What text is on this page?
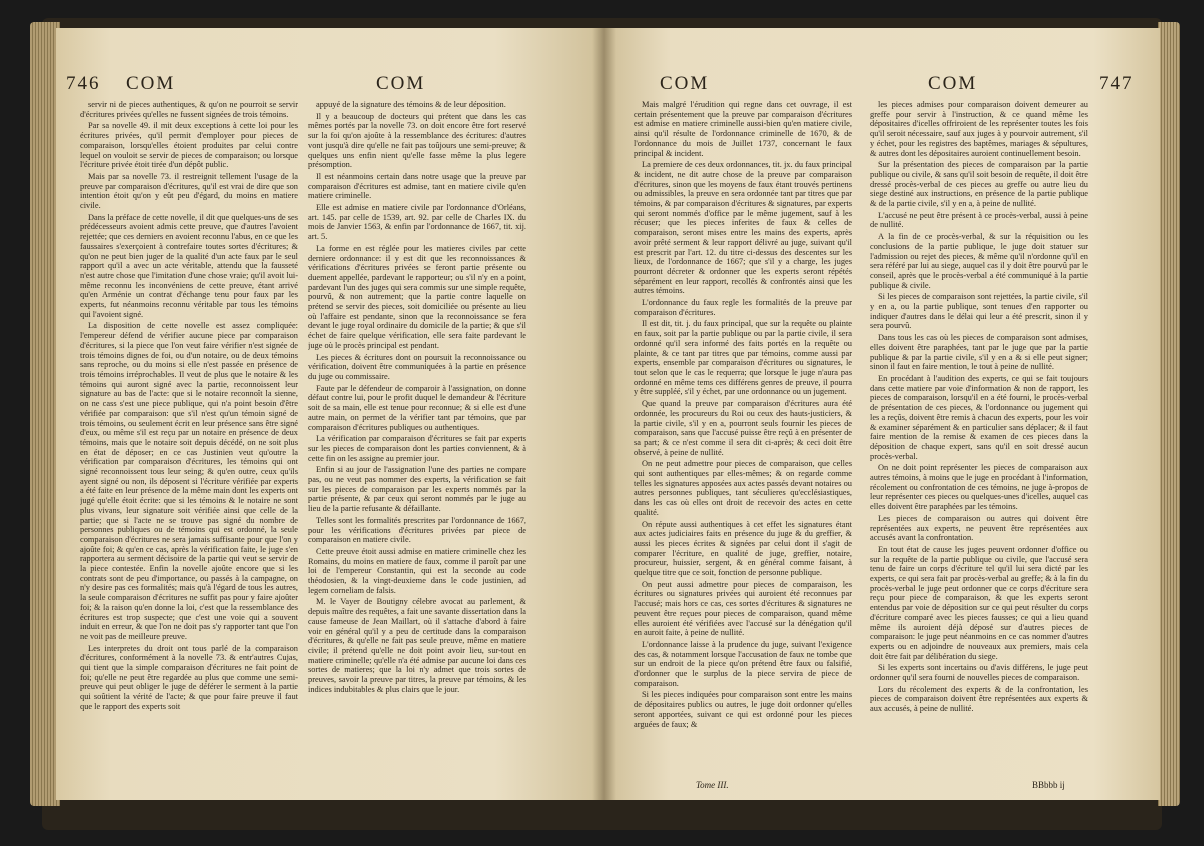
746 COM	COM

servir ni de pieces authentiques, & qu'on ne pourroit se servir d'écritures privées qu'elles ne fussent signées de trois témoins.

Par sa novelle 49. il mit deux exceptions à cette loi pour les écritures privées, qu'il permit d'employer pour pieces de comparaison, lorsqu'elles étoient produites par celui contre lequel on vouloit se servir de pieces de comparaison; ou lorsque l'écriture privée étoit tirée d'un dépôt public.

Mais par sa novelle 73. il restreignit tellement l'usage de la preuve par comparaison d'écritures, qu'il est vrai de dire que son intention étoit qu'on y eût peu d'égard, du moins en matiere civile.

Dans la préface de cette novelle, il dit que quelques-uns de ses prédécesseurs avoient admis cette preuve, que d'autres l'avoient rejettée; que ces derniers en avoient reconnu l'abus, en ce que les faussaires s'exerçoient à contrefaire toutes sortes d'écritures; & qu'on ne peut bien juger de la qualité d'un acte faux par le seul rapport qu'il a avec un acte véritable, attendu que la fausseté n'est autre chose que l'imitation d'une chose vraie; qu'il avoit lui-même reconnu les inconvéniens de cette preuve, étant arrivé qu'en Arménie un contrat d'échange tenu pour faux par les experts, fut néanmoins reconnu véritable par tous les témoins qui l'avoient signé.

La disposition de cette novelle est assez compliquée: l'empereur défend de vérifier aucune piece par comparaison d'écritures, si la piece que l'on veut faire vérifier n'est signée de trois témoins dignes de foi, ou d'un notaire, ou de deux témoins sans reproche, ou du moins si elle n'est passée en présence de trois témoins irréprochables. Il veut de plus que le notaire & les témoins qui auront signé avec la partie, reconnoissent leur signature au bas de l'acte: que si le notaire reconnoît la sienne, on ne cass s'est une piece publique, qui n'a point besoin d'être vérifiée par comparaison: que s'il n'est qu'un témoin signé de trois témoins, ou seulement écrit en leur présence sans être signé d'eux, ou même s'il est reçu par un notaire en présence de deux témoins, mais que le notaire soit depuis décédé, on ne soit plus en état de déposer; en ce cas Justinien veut qu'outre la vérification par comparaison d'écritures, les témoins qui ont signé reconnoissent tous leur seing; & qu'en outre, ceux qu'ils ayent signé ou non, ils déposent si l'écriture vérifiée par experts a été faite en leur présence de la même main dont les experts ont jugé qu'elle étoit écrite: que si les témoins & le notaire ne sont plus vivans, leur signature soit vérifiée ainsi que celle de la partie; que si l'acte ne se trouve pas signé du nombre de personnes publiques ou de témoins qui est ordonné, la seule comparaison d'écritures ne sera jamais suffisante pour que l'on y ajoûte foi; & qu'en ce cas, après la vérification faite, le juge s'en rapportera au serment décisoire de la partie qui veut se servir de la piece contestée. Enfin la novelle ajoûte encore que si les contrats sont de peu d'importance, ou passés à la campagne, on n'y desire pas ces formalités; mais qu'à l'égard de tous les autres, la seule comparaison d'écritures ne suffit pas pour y faire ajoûter foi; & la raison qu'en donne la loi, c'est que la ressemblance des écritures est trop suspecte; que c'est une voie qui a souvent induit en erreur, & que l'on ne doit pas s'y rapporter tant que l'on ne voit pas de meilleure preuve.

Les interpretes du droit ont tous parlé de la comparaison d'écritures, conformément à la novelle 73. & entr'autres Cujas, qui tient que la simple comparaison d'écritures ne fait point de foi; qu'elle ne peut être regardée au plus que comme une semi-preuve qui peut obliger le juge de déférer le serment à la partie qui soûtient la vérité de l'acte; & que pour faire preuve il faut que le rapport des experts soit

appuyé de la signature des témoins & de leur déposition.

Il y a beaucoup de docteurs qui prétent que dans les cas mêmes portés par la novelle 73. on doit encore être fort reservé sur la foi qu'on ajoûte à la ressemblance des écritures: d'autres vont jusqu'à dire qu'elle ne fait pas toûjours une semi-preuve; & quelques uns enfin nient qu'elle fasse même la plus legere présomption.

Il est néanmoins certain dans notre usage que la preuve par comparaison d'écritures est admise, tant en matiere civile qu'en matiere criminelle.

Elle est admise en matiere civile par l'ordonnance d'Orléans, art. 145. par celle de 1539, art. 92. par celle de Charles IX. du mois de Janvier 1563, & enfin par l'ordonnance de 1667, tit. xij. art. 5.

La forme en est réglée pour les matieres civiles par cette derniere ordonnance: il y est dit que les reconnoissances & vérifications d'écritures privées se feront partie présente ou duement appellée, pardevant le rapporteur; ou s'il n'y en a point, pardevant l'un des juges qui sera commis sur une simple requête, pourvû, & non autrement; que la partie contre laquelle on prétend se servir des pieces, soit domiciliée ou présente au lieu où l'affaire est pendante, sinon que la reconnoissance se fera devant le juge royal ordinaire du domicile de la partie; & que s'il échet de faire quelque vérification, elle sera faite pardevant le juge où le procès principal est pendant.

Les pieces & écritures dont on poursuit la reconnoissance ou vérification, doivent être communiquées à la partie en présence du juge ou commissaire.

Faute par le défendeur de comparoir à l'assignation, on donne défaut contre lui, pour le profit duquel le demandeur & l'écriture soit de sa main, elle est tenue pour reconnue; & si elle est d'une autre main, on permet de la vérifier tant par témoins, que par comparaison d'écritures publiques ou authentiques.

La vérification par comparaison d'écritures se fait par experts sur les pieces de comparaison dont les parties conviennent, & à cette fin on les assigne au premier jour.

Enfin si au jour de l'assignation l'une des parties ne compare pas, ou ne veut pas nommer des experts, la vérification se fait sur les pieces de comparaison par les experts nommés par la partie présente, & par ceux qui seront nommés par le juge au lieu de la partie refusante & défaillante.

Telles sont les formalités prescrites par l'ordonnance de 1667, pour les vérifications d'écritures privées par piece de comparaison en matiere civile.

Cette preuve étoit aussi admise en matiere criminelle chez les Romains, du moins en matiere de faux, comme il paroît par une loi de l'empereur Constantin, qui est la seconde au code théodosien, & la vingt-deuxieme dans le code justinien, ad legem corneliam de falsis.

M. le Vayer de Boutigny célebre avocat au parlement, & depuis maître des requêtes, a fait une savante dissertation dans la cause fameuse de Jean Maillart, où il s'attache d'abord à faire voir en général qu'il y a peu de certitude dans la comparaison d'écritures, & qu'elle ne fait pas seule preuve, même en matiere civile; il prétend qu'elle ne doit point avoir lieu, sur-tout en matiere criminelle; qu'elle n'a été admise par aucune loi dans ces sortes de matieres; que la loi n'y admet que trois sortes de preuves, savoir la preuve par titres, la preuve par témoins, & les indices indubitables & plus clairs que le jour.

COM	COM	747

Mais malgré l'érudition qui regne dans cet ouvrage, il est certain présentement que la preuve par comparaison d'écritures est admise en matiere criminelle aussi-bien qu'en matiere civile, ainsi qu'il résulte de l'ordonnance criminelle de 1670, & de l'ordonnance du mois de Juillet 1737, concernant le faux principal & incident.

La premiere de ces deux ordonnances, tit. jx. du faux principal & incident, ne dit autre chose de la preuve par comparaison d'écritures, sinon que les moyens de faux étant trouvés pertinens ou admissibles, la preuve en sera ordonnée tant par titres que par témoins, & par comparaison d'écritures & signatures, par experts qui seront nommés d'office par le même jugement, sauf à les récuser; que les pieces inferites de faux & celles de comparaison, seront mises entre les mains des experts, après avoir prêté serment & leur rapport délivré au juge, suivant qu'il est prescrit par l'art. 12. du titre ci-dessus des descentes sur les lieux, de l'ordonnance de 1667; que s'il y a charge, les juges pourront décreter & ordonner que les experts seront répétés séparément en leur rapport, recollés & confrontés ainsi que les autres témoins.

L'ordonnance du faux regle les formalités de la preuve par comparaison d'écritures.

Il est dit, tit. j. du faux principal, que sur la requête ou plainte en faux, soit par la partie publique ou par la partie civile, il sera ordonné qu'il sera informé des faits portés en la requête ou plainte, & ce tant par titres que par témoins, comme aussi par experts, ensemble par comparaison d'écritures ou signatures, le tout selon que le cas le requerra; que lorsque le juge n'aura pas ordonné en même tems ces différens genres de preuve, il pourra y être suppléé, s'il y échet, par une ordonnance ou un jugement.

Que quand la preuve par comparaison d'écritures aura été ordonnée, les procureurs du Roi ou ceux des hauts-justiciers, & la partie civile, s'il y en a, pourront seuls fournir les pieces de comparaison, sans que l'accusé puisse être reçû à en présenter de sa part; & ce n'est comme il sera dit ci-après; & ceci doit être observé, à peine de nullité.

On ne peut admettre pour pieces de comparaison, que celles qui sont authentiques par elles-mêmes; & on regarde comme telles les signatures apposées aux actes passés devant notaires ou autres personnes publiques, tant séculieres qu'ecclésiastiques, dans les cas où elles ont droit de recevoir des actes en cette qualité.

On répute aussi authentiques à cet effet les signatures étant aux actes judiciaires faits en présence du juge & du greffier, & aussi les pieces écrites & signées par celui dont il s'agit de comparer l'écriture, en qualité de juge, greffier, notaire, procureur, huissier, sergent, & en général comme faisant, à quelque titre que ce soit, fonction de personne publique.

On peut aussi admettre pour pieces de comparaison, les écritures ou signatures privées qui auroient été reconnues par l'accusé; mais hors ce cas, ces sortes d'écritures & signatures ne peuvent être reçues pour pieces de comparaison, quand même elles auroient été vérifiées avec l'accusé sur la dénégation qu'il en auroit faite, à peine de nullité.

L'ordonnance laisse à la prudence du juge, suivant l'exigence des cas, & notamment lorsque l'accusation de faux ne tombe que sur un endroit de la piece qu'on prétend être faux ou falsifié, d'ordonner que le surplus de la piece servira de piece de comparaison.

Si les pieces indiquées pour comparaison sont entre les mains de dépositaires publics ou autres, le juge doit ordonner qu'elles seront apportées, suivant ce qui est ordonné pour les pieces arguées de faux; &

les pieces admises pour comparaison doivent demeurer au greffe pour servir à l'instruction, & ce quand même les dépositaires d'icelles offriroient de les représenter toutes les fois qu'il seroit nécessaire, sauf aux juges à y pourvoir autrement, s'il y échet, pour les registres des baptêmes, mariages & sépultures, & autres dont les dépositaires auroient continuellement besoin.

Sur la présentation des pieces de comparaison par la partie publique ou civile, & sans qu'il soit besoin de requête, il doit être dressé procès-verbal de ces pieces au greffe ou autre lieu du siege destiné aux instructions, en présence de la partie publique & de la partie civile, s'il y en a, à peine de nullité.

L'accusé ne peut être présent à ce procès-verbal, aussi à peine de nullité.

A la fin de ce procès-verbal, & sur la réquisition ou les conclusions de la partie publique, le juge doit statuer sur l'admission ou rejet des pieces, & même qu'il n'ordonne qu'il en sera référé par lui au siege, auquel cas il y doit être pourvû par le conseil, après que le procès-verbal a été communiqué à la partie publique & civile.

Si les pieces de comparaison sont rejettées, la partie civile, s'il y en a, ou la partie publique, sont tenues d'en rapporter ou indiquer d'autres dans le délai qui leur a été prescrit, sinon il y sera pourvû.

Dans tous les cas où les pieces de comparaison sont admises, elles doivent être paraphées, tant par le juge que par la partie publique & par la partie civile, s'il y en a & si elle peut signer; sinon il faut en faire mention, le tout à peine de nullité.

En procédant à l'audition des experts, ce qui se fait toujours dans cette matiere par voie d'information & non de rapport, les pieces de comparaison, lorsqu'il en a été fourni, le procès-verbal de présentation de ces pieces, & l'ordonnance ou jugement qui les a reçûs, doivent être remis à chacun des experts, pour les voir & examiner séparément & en particulier sans déplacer; & il faut faire mention de la remise & examen de ces pieces dans la déposition de chaque expert, sans qu'il en soit dressé aucun procès-verbal.

On ne doit point représenter les pieces de comparaison aux autres témoins, à moins que le juge en procédant à l'information, récolement ou confrontation de ces témoins, ne juge à-propos de leur représenter ces pieces ou quelques-unes d'icelles, auquel cas elles doivent être paraphées par les témoins.

Les pieces de comparaison ou autres qui doivent être représentées aux experts, ne peuvent être représentées aux accusés avant la confrontation.

En tout état de cause les juges peuvent ordonner d'office ou sur la requête de la partie publique ou civile, que l'accusé sera tenu de faire un corps d'écriture tel qu'il lui sera dicté par les experts, ce qui sera fait par procès-verbal au greffe; & à la fin du procès-verbal le juge peut ordonner que ce corps d'écriture sera reçu pour piece de comparaison, & que les experts seront entendus par voie de déposition sur ce qui peut résulter du corps d'écriture comparé avec les pieces fausses; ce qui a lieu quand même ils auroient déjà déposé sur d'autres pieces de comparaison: le juge peut néanmoins en ce cas nommer d'autres experts ou en adjoindre de nouveaux aux premiers, mais cela doit être fait par délibération du siege.

Si les experts sont incertains ou d'avis différens, le juge peut ordonner qu'il sera fourni de nouvelles pieces de comparaison.

Lors du récolement des experts & de la confrontation, les pieces de comparaison doivent être représentées aux experts & aux accusés, à peine de nullité.

Tome III.	BBbbb ij
